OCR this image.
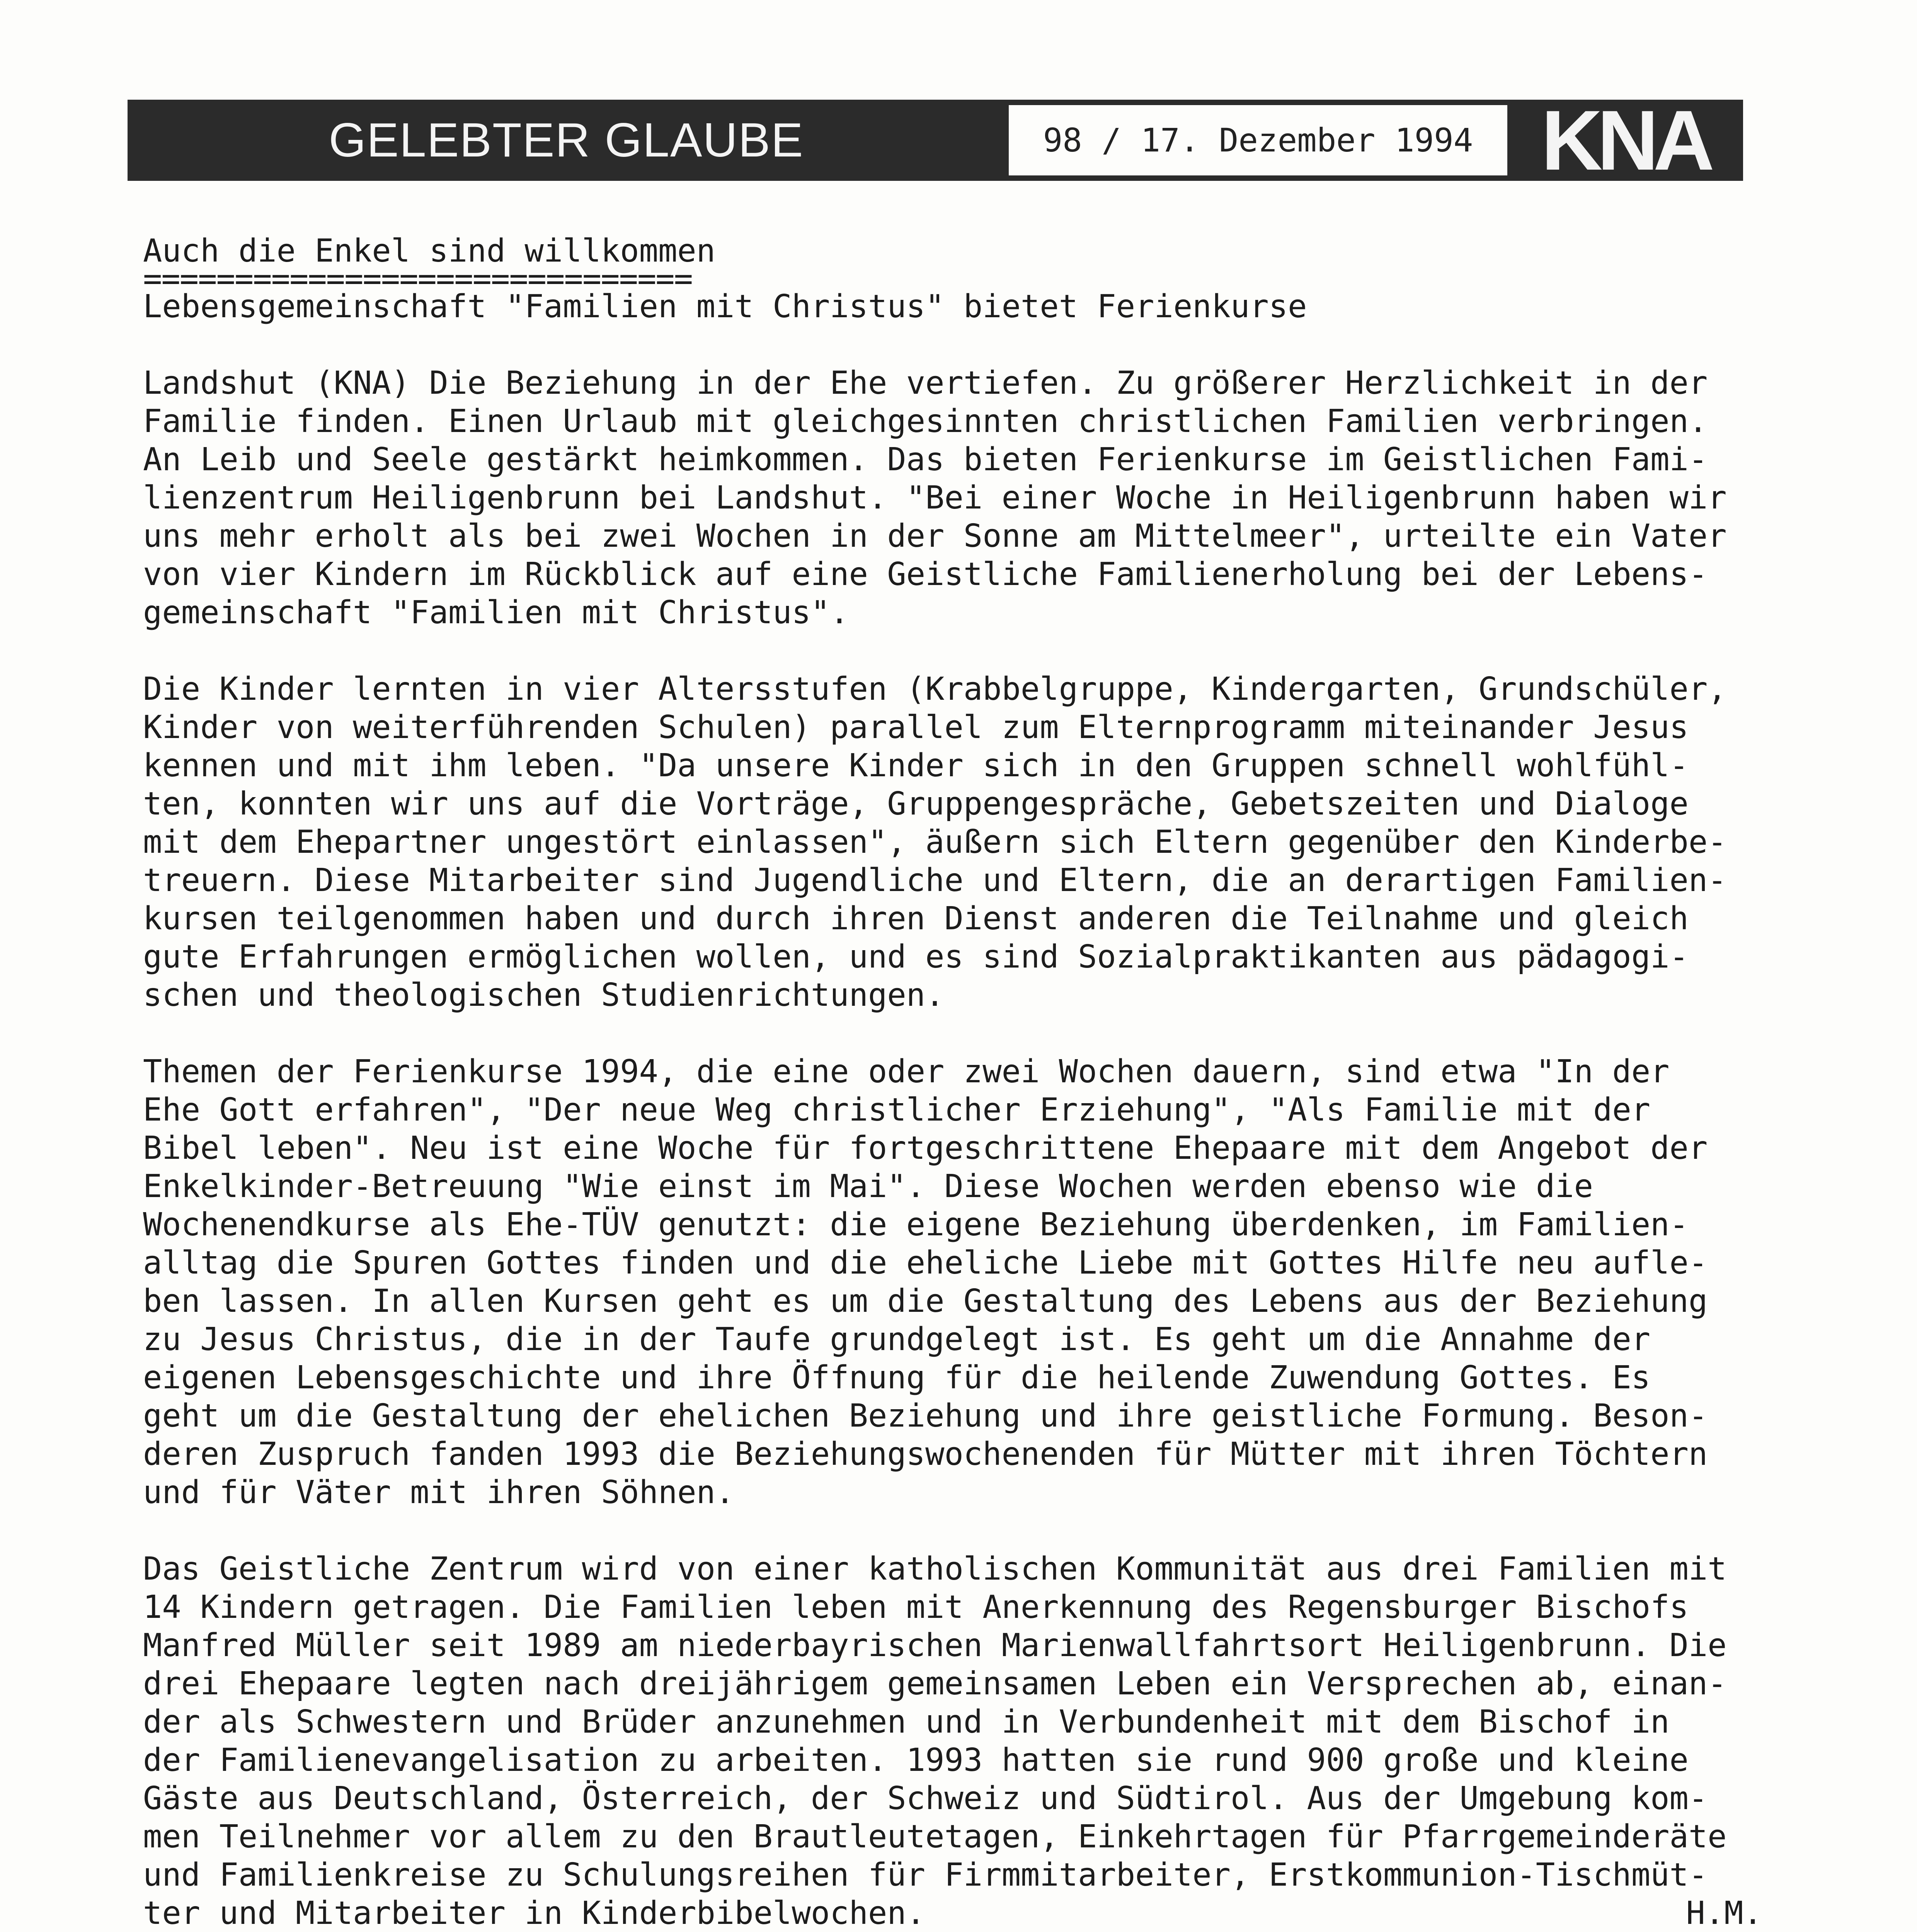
GELEBTER GLAUBE	98 / 17. Dezember 1994 KNA
Auch die Enkel sind willkommen
==============================
Lebensgemeinschaft "Familien mit Christus" bietet Ferienkurse
Landshut (KNA) Die Beziehung in der Ehe vertiefen. Zu größerer Herzlichkeit in der
Familie finden. Einen Urlaub mit gleichgesinnten christlichen Familien verbringen.
An Leib und Seele gestärkt heimkommen. Das bieten Ferienkurse im Geistlichen Fami-
lienzentrum Heiligenbrunn bei Landshut. "Bei einer Woche in Heiligenbrunn haben wir
uns mehr erholt als bei zwei Wochen in der Sonne am Mittelmeer", urteilte ein Vater
von vier Kindern im Rückblick auf eine Geistliche Familienerholung bei der Lebens-
gemeinschaft "Familien mit Christus".
Die Kinder lernten in vier Altersstufen (Krabbelgruppe, Kindergarten, Grundschüler,
Kinder von weiterführenden Schulen) parallel zum Elternprogramm miteinander Jesus
kennen und mit ihm leben. "Da unsere Kinder sich in den Gruppen schnell wohlfühl-
ten, konnten wir uns auf die Vorträge, Gruppengespräche, Gebetszeiten und Dialoge
mit dem Ehepartner ungestört einlassen", äußern sich Eltern gegenüber den Kinderbe-
treuern. Diese Mitarbeiter sind Jugendliche und Eltern, die an derartigen Familien-
kursen teilgenommen haben und durch ihren Dienst anderen die Teilnahme und gleich
gute Erfahrungen ermöglichen wollen, und es sind Sozialpraktikanten aus pädagogi-
schen und theologischen Studienrichtungen.
Themen der Ferienkurse 1994, die eine oder zwei Wochen dauern, sind etwa "In der
Ehe Gott erfahren", "Der neue Weg christlicher Erziehung", "Als Familie mit der
Bibel leben". Neu ist eine Woche für fortgeschrittene Ehepaare mit dem Angebot der
Enkelkinder-Betreuung "Wie einst im Mai". Diese Wochen werden ebenso wie die
Wochenendkurse als Ehe-TÜV genutzt: die eigene Beziehung überdenken, im Familien-
alltag die Spuren Gottes finden und die eheliche Liebe mit Gottes Hilfe neu aufle-
ben lassen. In allen Kursen geht es um die Gestaltung des Lebens aus der Beziehung
zu Jesus Christus, die in der Taufe grundgelegt ist. Es geht um die Annahme der
eigenen Lebensgeschichte und ihre Öffnung für die heilende Zuwendung Gottes. Es
geht um die Gestaltung der ehelichen Beziehung und ihre geistliche Formung. Beson-
deren Zuspruch fanden 1993 die Beziehungswochenenden für Mütter mit ihren Töchtern
und für Väter mit ihren Söhnen.
Das Geistliche Zentrum wird von einer katholischen Kommunität aus drei Familien mit
14 Kindern getragen. Die Familien leben mit Anerkennung des Regensburger Bischofs
Manfred Müller seit 1989 am niederbayrischen Marienwallfahrtsort Heiligenbrunn. Die
drei Ehepaare legten nach dreijährigem gemeinsamen Leben ein Versprechen ab, einan-
der als Schwestern und Brüder anzunehmen und in Verbundenheit mit dem Bischof in
der Familienevangelisation zu arbeiten. 1993 hatten sie rund 900 große und kleine
Gäste aus Deutschland, Österreich, der Schweiz und Südtirol. Aus der Umgebung kom-
men Teilnehmer vor allem zu den Brautleutetagen, Einkehrtagen für Pfarrgemeinderäte
und Familienkreise zu Schulungsreihen für Firmmitarbeiter, Erstkommunion-Tischmüt-
ter und Mitarbeiter in Kinderbibelwochen.	H.M.
